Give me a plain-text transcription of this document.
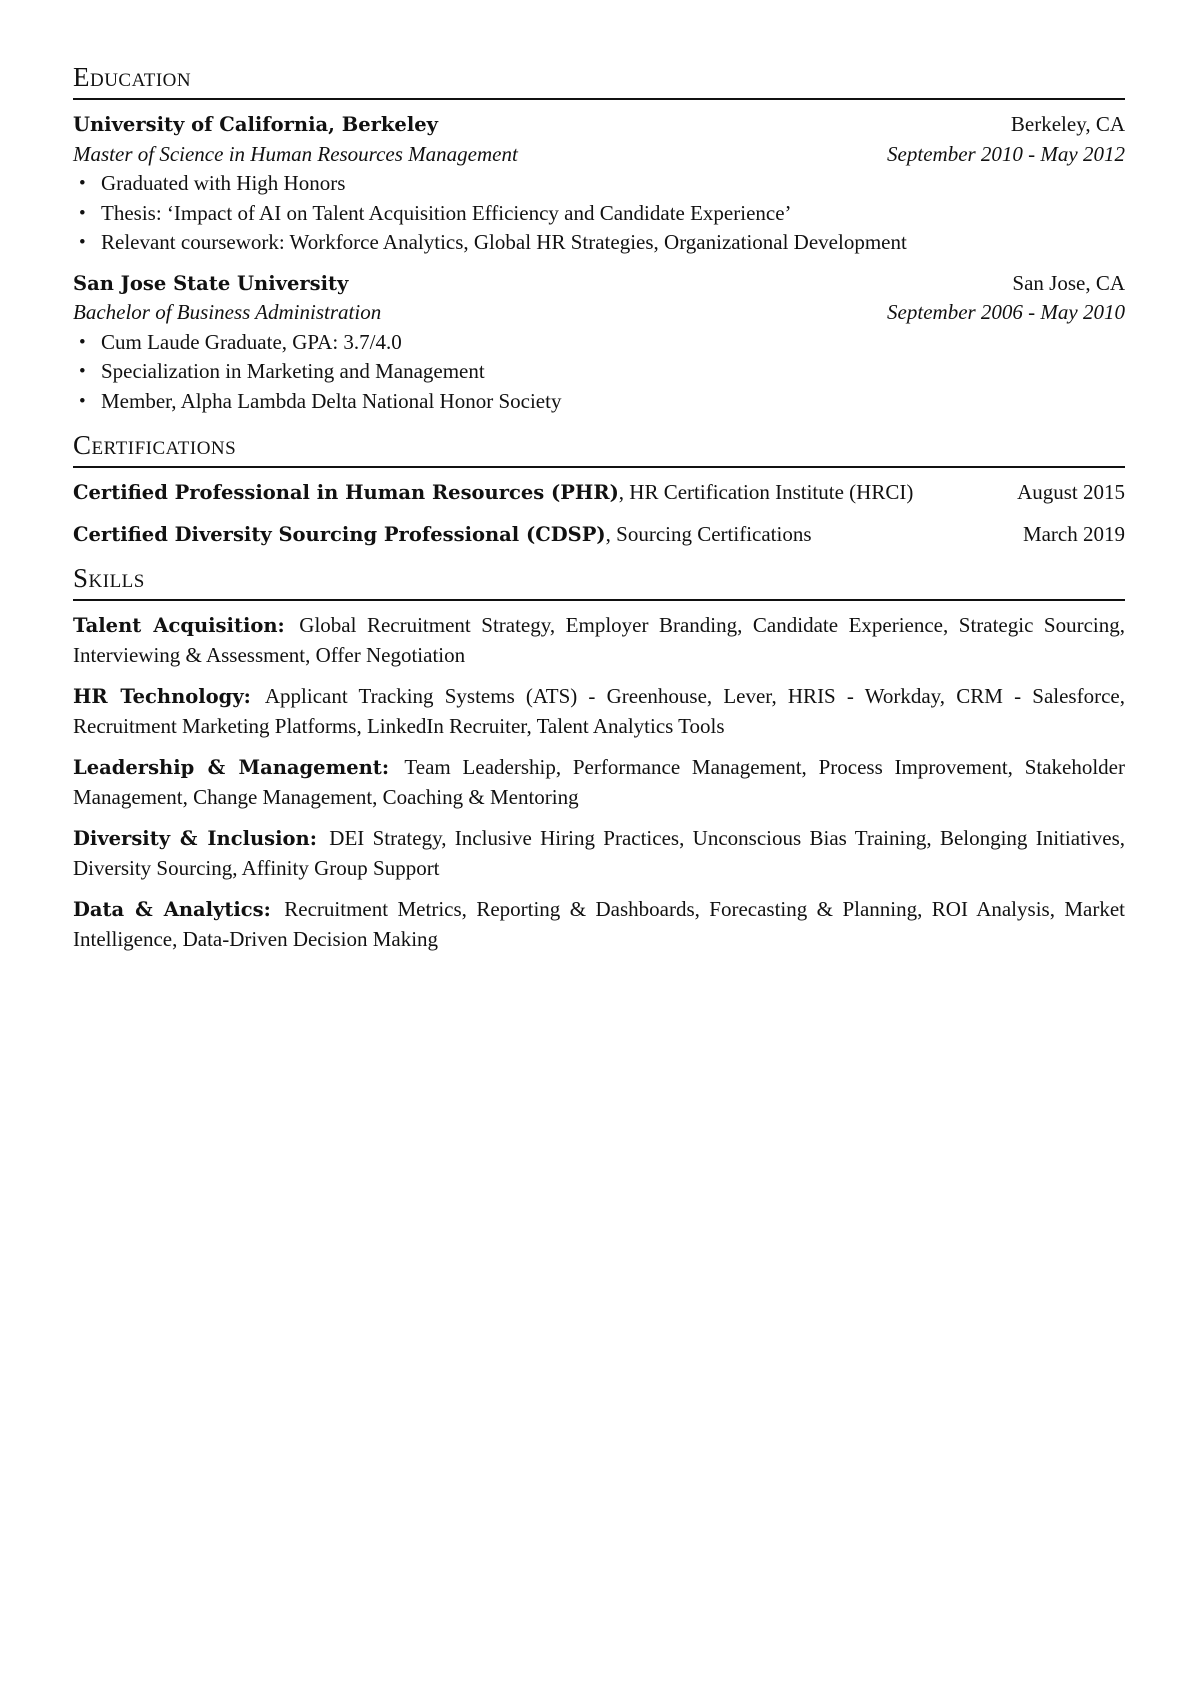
Education
University of California, Berkeley	Berkeley, CA
Master of Science in Human Resources Management	September 2010 - May 2012
• Graduated with High Honors
• Thesis: ‘Impact of AI on Talent Acquisition Efficiency and Candidate Experience’
• Relevant coursework: Workforce Analytics, Global HR Strategies, Organizational Development
San Jose State University	San Jose, CA
Bachelor of Business Administration	September 2006 - May 2010
• Cum Laude Graduate, GPA: 3.7/4.0
• Specialization in Marketing and Management
• Member, Alpha Lambda Delta National Honor Society
Certifications
Certified Professional in Human Resources (PHR), HR Certification Institute (HRCI)	August 2015
Certified Diversity Sourcing Professional (CDSP), Sourcing Certifications	March 2019
Skills
Talent Acquisition: Global Recruitment Strategy, Employer Branding, Candidate Experience, Strategic Sourcing, Interviewing & Assessment, Offer Negotiation
HR Technology: Applicant Tracking Systems (ATS) - Greenhouse, Lever, HRIS - Workday, CRM - Salesforce, Recruitment Marketing Platforms, LinkedIn Recruiter, Talent Analytics Tools
Leadership & Management: Team Leadership, Performance Management, Process Improvement, Stakeholder Management, Change Management, Coaching & Mentoring
Diversity & Inclusion: DEI Strategy, Inclusive Hiring Practices, Unconscious Bias Training, Belonging Initiatives, Diversity Sourcing, Affinity Group Support
Data & Analytics: Recruitment Metrics, Reporting & Dashboards, Forecasting & Planning, ROI Analysis, Market Intelligence, Data-Driven Decision Making
